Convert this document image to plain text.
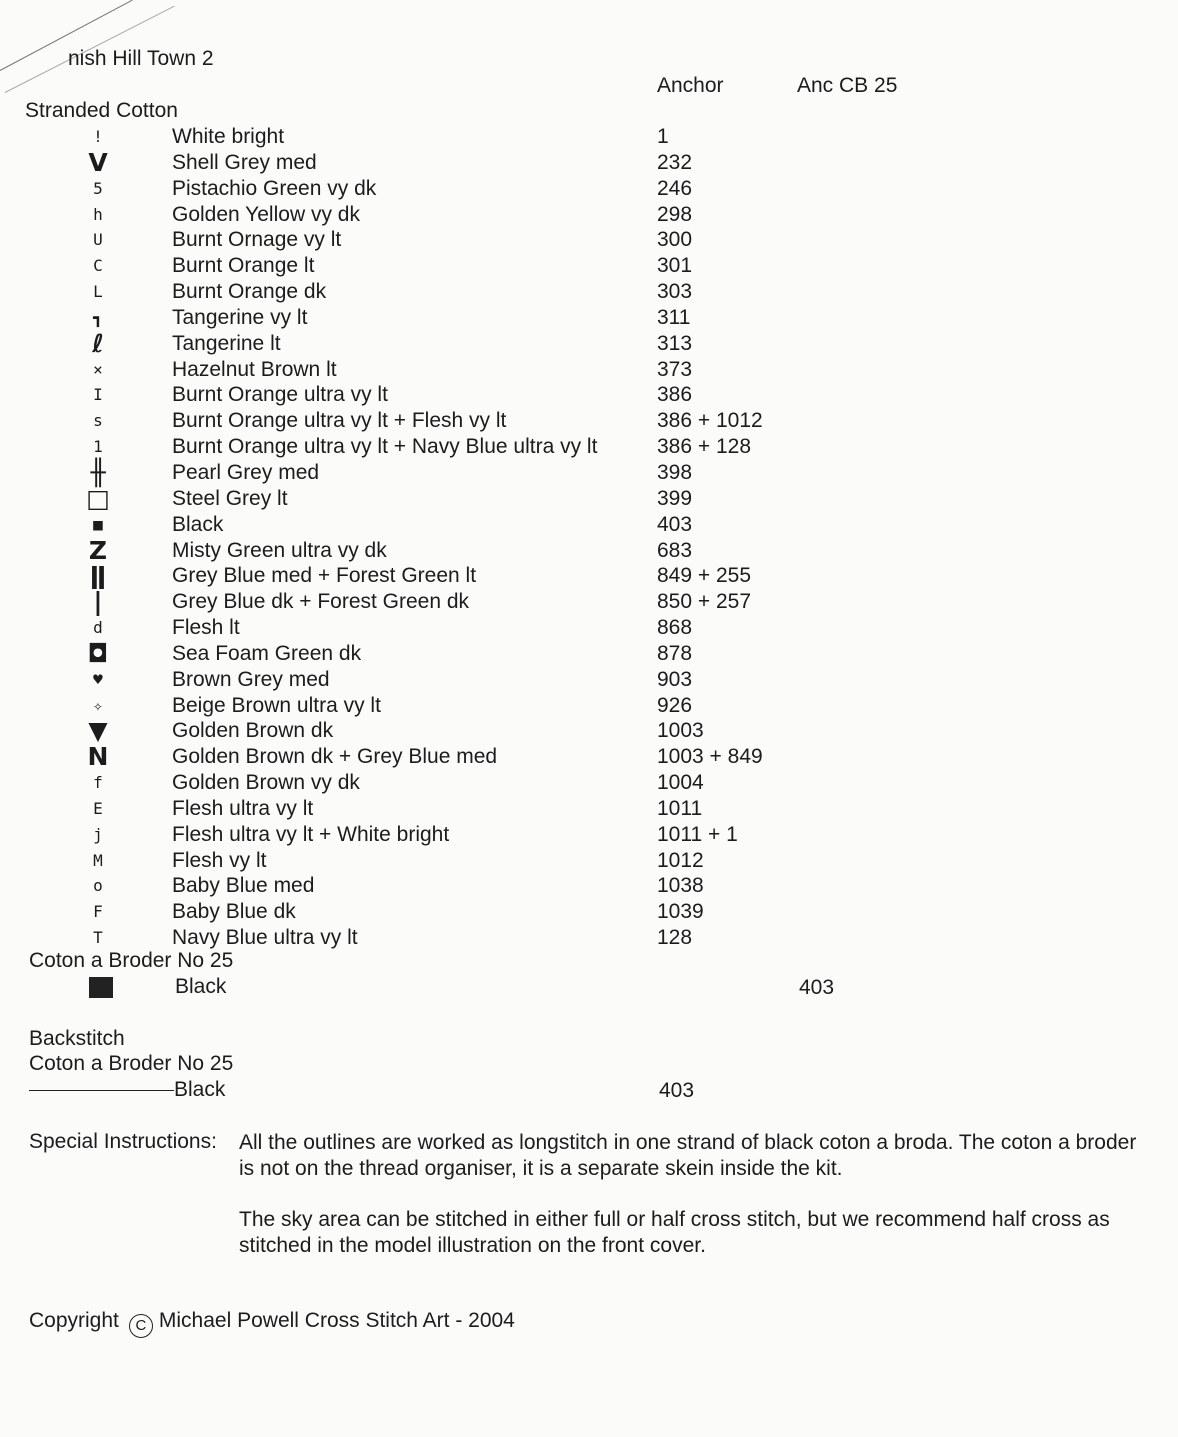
nish Hill Town 2
Anchor	Anc CB 25
Stranded Cotton
!	White bright	1
V	Shell Grey med	232
5	Pistachio Green vy dk	246
h	Golden Yellow vy dk	298
U	Burnt Ornage vy lt	300
C	Burnt Orange lt	301
L	Burnt Orange dk	303
┓	Tangerine vy lt	311
ℓ	Tangerine lt	313
×	Hazelnut Brown lt	373
I	Burnt Orange ultra vy lt	386
s	Burnt Orange ultra vy lt + Flesh vy lt	386 + 1012
1	Burnt Orange ultra vy lt + Navy Blue ultra vy lt	386 + 128
╫	Pearl Grey med	398
□	Steel Grey lt	399
■	Black	403
Z	Misty Green ultra vy dk	683
ǁ	Grey Blue med + Forest Green lt	849 + 255
|	Grey Blue dk + Forest Green dk	850 + 257
d	Flesh lt	868
◘	Sea Foam Green dk	878
♥	Brown Grey med	903
✧	Beige Brown ultra vy lt	926
▼	Golden Brown dk	1003
N	Golden Brown dk + Grey Blue med	1003 + 849
f	Golden Brown vy dk	1004
E	Flesh ultra vy lt	1011
j	Flesh ultra vy lt + White bright	1011 + 1
M	Flesh vy lt	1012
o	Baby Blue med	1038
F	Baby Blue dk	1039
T	Navy Blue ultra vy lt	128
Coton a Broder No 25
Black	403
Backstitch
Coton a Broder No 25
Black	403
Special Instructions: All the outlines are worked as longstitch in one strand of black coton a broda. The coton a broder is not on the thread organiser, it is a separate skein inside the kit.
The sky area can be stitched in either full or half cross stitch, but we recommend half cross as stitched in the model illustration on the front cover.
Copyright C Michael Powell Cross Stitch Art - 2004
